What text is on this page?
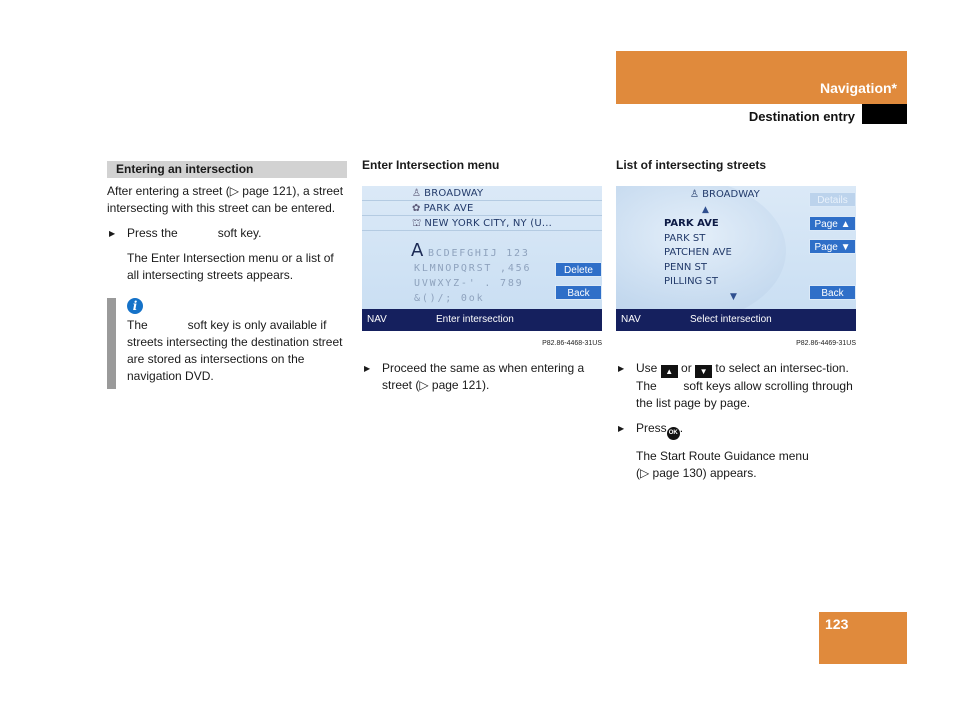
Navigation*
Destination entry
Entering an intersection
After entering a street (▷ page 121), a street intersecting with this street can be entered.
▶ Press the            soft key.
The Enter Intersection menu or a list of all intersecting streets appears.
i
The            soft key is only available if streets intersecting the destination street are stored as intersections on the navigation DVD.
Enter Intersection menu
♙ BROADWAY
✿ PARK AVE
⛫ NEW YORK CITY, NY (U...
A BCDEFGHIJ 123
KLMNOPQRST ,456
UVWXYZ-' . 789
&()/; 0ok
Delete
Back
NAV	Enter intersection
P82.86-4468-31US
▶ Proceed the same as when entering a street (▷ page 121).
List of intersecting streets
♙ BROADWAY
▲
PARK AVE
PARK ST
PATCHEN AVE
PENN ST
PILLING ST
▼
Details
Page ▲
Page ▼
Back
NAV	Select intersection
P82.86-4469-31US
▶ Use ▲ or ▼ to select an intersec-tion. The        soft keys allow scrolling through the list page by page.
▶ Press OK .
The Start Route Guidance menu (▷ page 130) appears.
123
